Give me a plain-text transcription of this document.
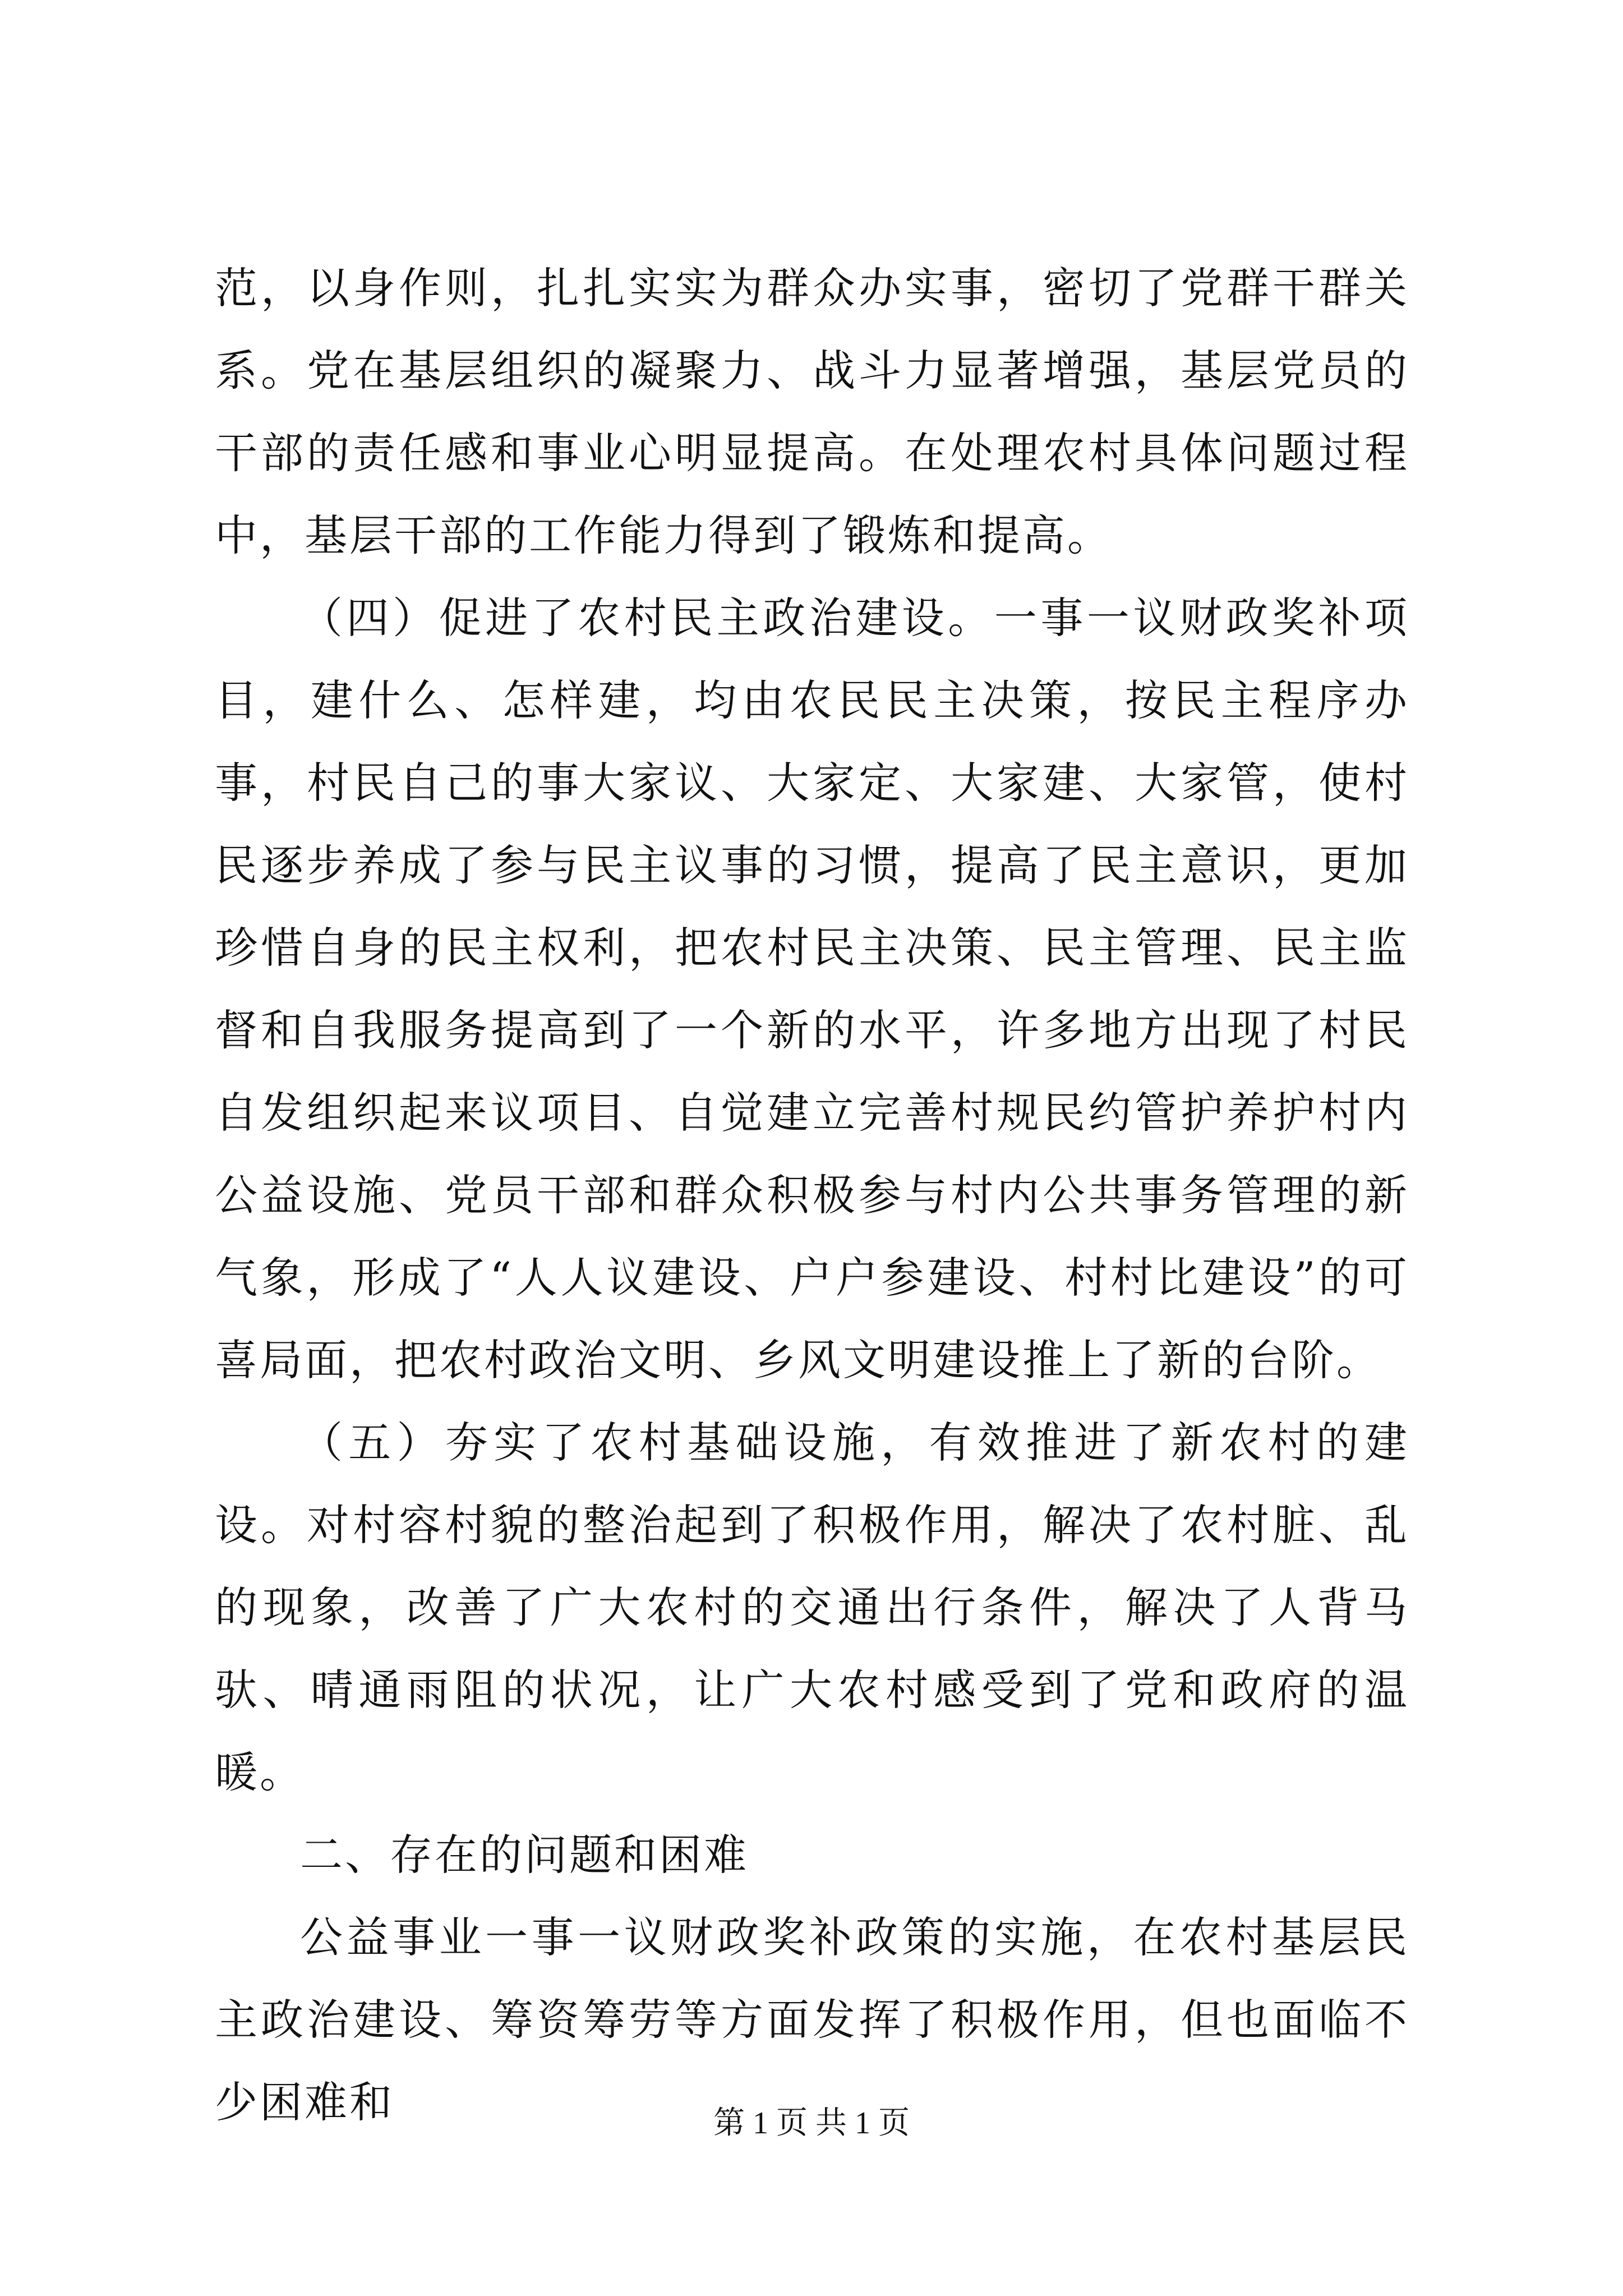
范，以身作则，扎扎实实为群众办实事，密切了党群干群关系。党在基层组织的凝聚力、战斗力显著增强，基层党员的干部的责任感和事业心明显提高。在处理农村具体问题过程中，基层干部的工作能力得到了锻炼和提高。

（四）促进了农村民主政治建设。一事一议财政奖补项目，建什么、怎样建，均由农民民主决策，按民主程序办事，村民自己的事大家议、大家定、大家建、大家管，使村民逐步养成了参与民主议事的习惯，提高了民主意识，更加珍惜自身的民主权利，把农村民主决策、民主管理、民主监督和自我服务提高到了一个新的水平，许多地方出现了村民自发组织起来议项目、自觉建立完善村规民约管护养护村内公益设施、党员干部和群众积极参与村内公共事务管理的新气象，形成了“人人议建设、户户参建设、村村比建设”的可喜局面，把农村政治文明、乡风文明建设推上了新的台阶。

（五）夯实了农村基础设施，有效推进了新农村的建设。对村容村貌的整治起到了积极作用，解决了农村脏、乱的现象，改善了广大农村的交通出行条件，解决了人背马驮、晴通雨阻的状况，让广大农村感受到了党和政府的温暖。

二、存在的问题和困难

公益事业一事一议财政奖补政策的实施，在农村基层民主政治建设、筹资筹劳等方面发挥了积极作用，但也面临不少困难和	第 1 页 共 1 页
